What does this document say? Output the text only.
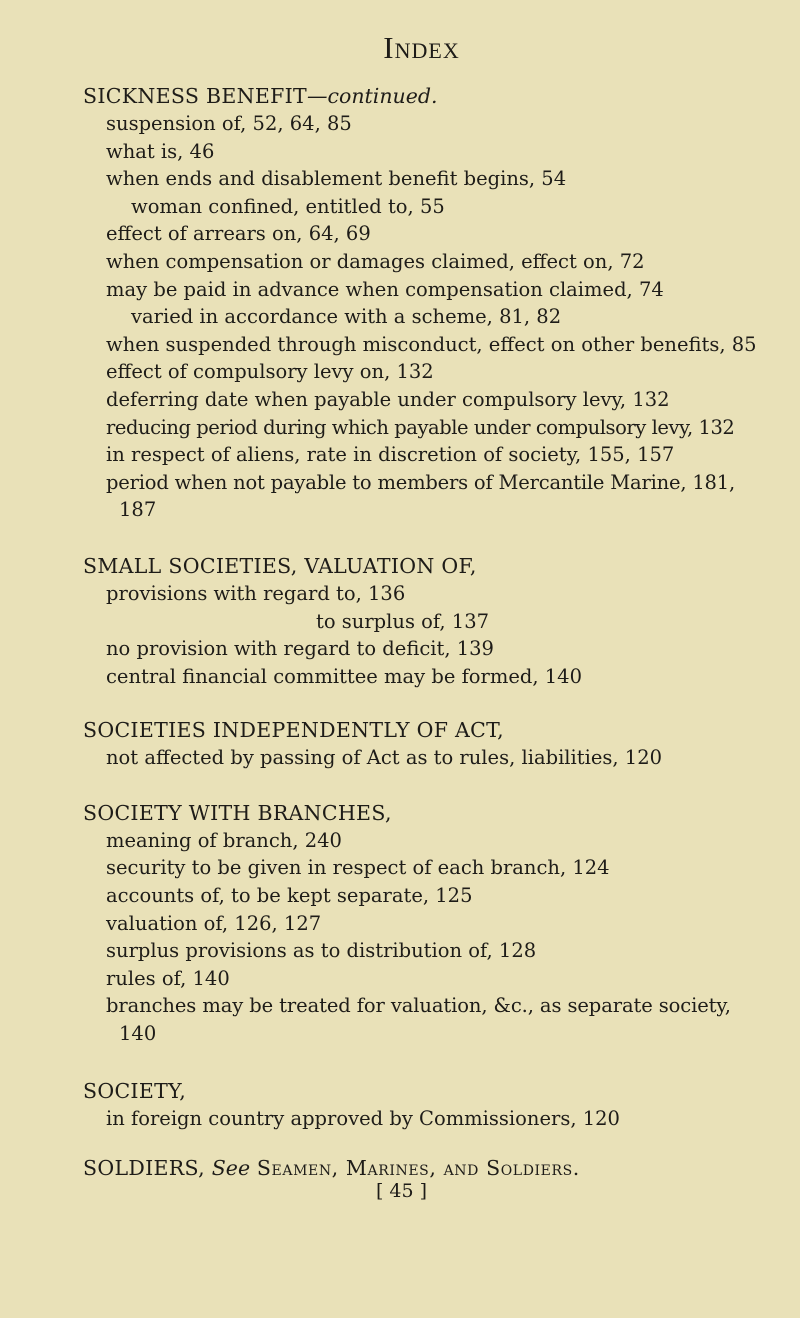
Index
SICKNESS BENEFIT—continued.
suspension of, 52, 64, 85
what is, 46
when ends and disablement benefit begins, 54
woman confined, entitled to, 55
effect of arrears on, 64, 69
when compensation or damages claimed, effect on, 72
may be paid in advance when compensation claimed, 74
varied in accordance with a scheme, 81, 82
when suspended through misconduct, effect on other benefits, 85
effect of compulsory levy on, 132
deferring date when payable under compulsory levy, 132
reducing period during which payable under compulsory levy, 132
in respect of aliens, rate in discretion of society, 155, 157
period when not payable to members of Mercantile Marine, 181,
187
SMALL SOCIETIES, VALUATION OF,
provisions with regard to, 136
to surplus of, 137
no provision with regard to deficit, 139
central financial committee may be formed, 140
SOCIETIES INDEPENDENTLY OF ACT,
not affected by passing of Act as to rules, liabilities, 120
SOCIETY WITH BRANCHES,
meaning of branch, 240
security to be given in respect of each branch, 124
accounts of, to be kept separate, 125
valuation of, 126, 127
surplus provisions as to distribution of, 128
rules of, 140
branches may be treated for valuation, &c., as separate society,
140
SOCIETY,
in foreign country approved by Commissioners, 120
SOLDIERS, See Seamen, Marines, and Soldiers.
[ 45 ]
